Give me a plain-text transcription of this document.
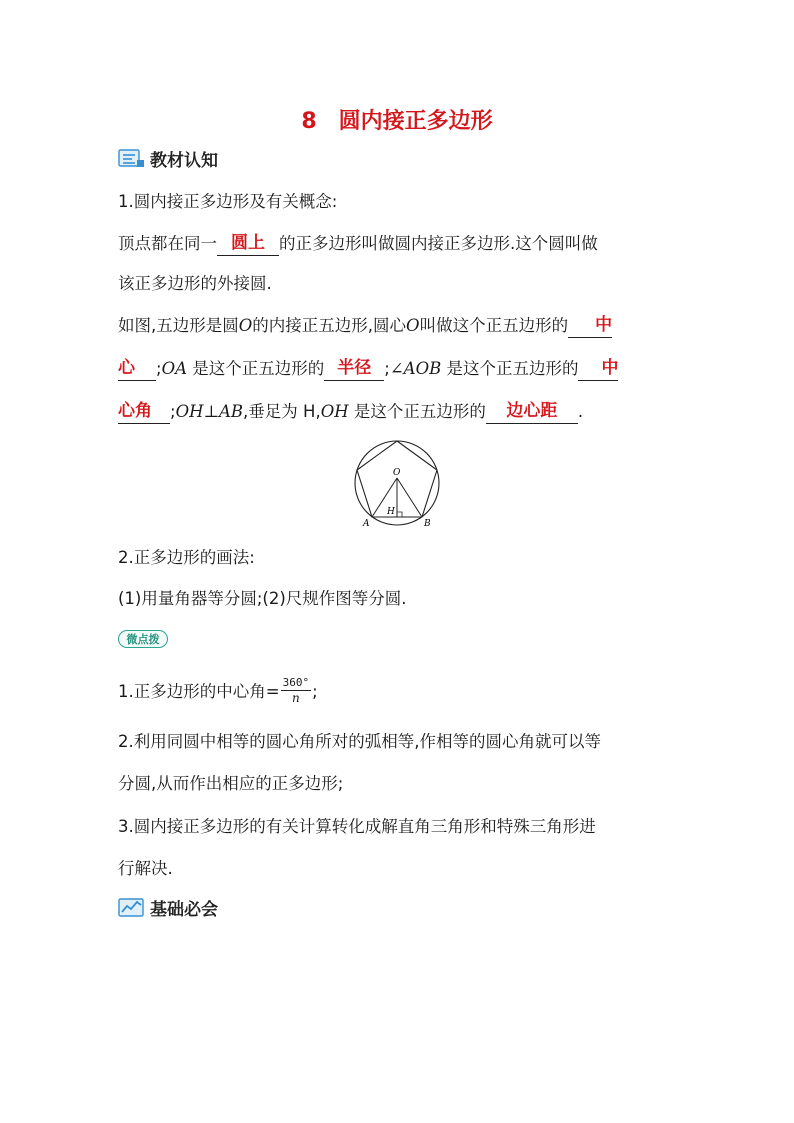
8　圆内接正多边形
教材认知
1.圆内接正多边形及有关概念:
顶点都在同一 圆上 的正多边形叫做圆内接正多边形.这个圆叫做
该正多边形的外接圆.
如图,五边形是圆O的内接正五边形,圆心O叫做这个正五边形的 中
心 ;OA 是这个正五边形的 半径 ;∠AOB 是这个正五边形的 中
心角 ;OH⊥AB,垂足为 H,OH 是这个正五边形的 边心距 .
O
A	B
H
2.正多边形的画法:
(1)用量角器等分圆;(2)尺规作图等分圆.
微点拨
1.正多边形的中心角= $\frac{360^\circ}{n}$ ;
2.利用同圆中相等的圆心角所对的弧相等,作相等的圆心角就可以等
分圆,从而作出相应的正多边形;
3.圆内接正多边形的有关计算转化成解直角三角形和特殊三角形进
行解决.
基础必会
